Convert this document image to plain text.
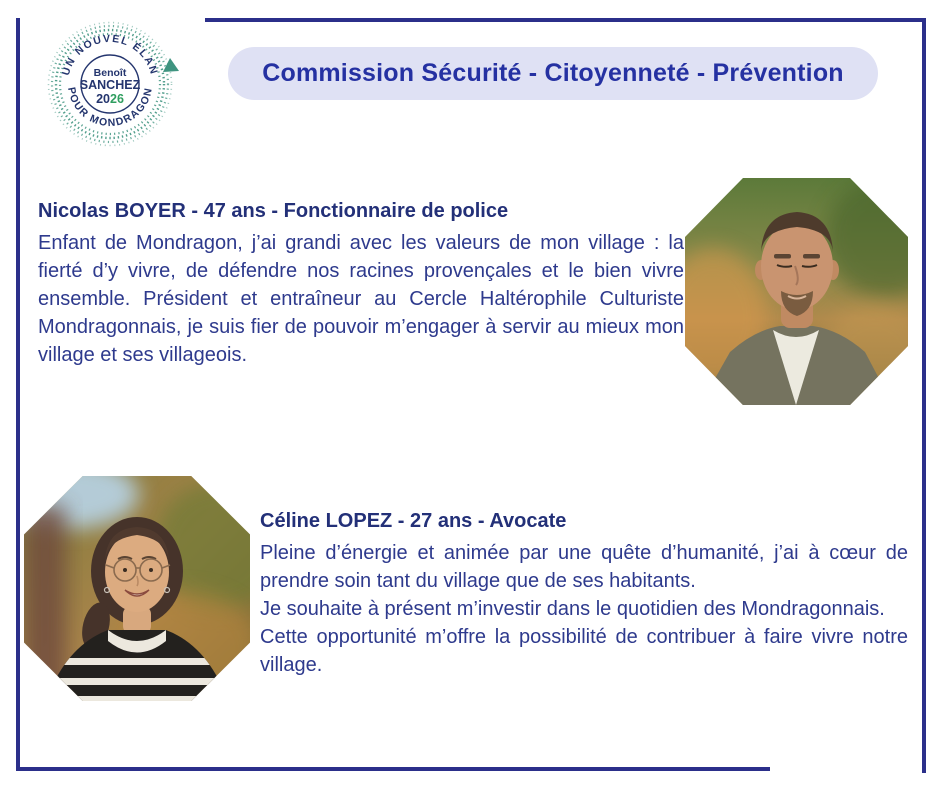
UN NOUVEL ÉLAN
POUR MONDRAGON
Benoît
SANCHEZ
2026
Commission Sécurité - Citoyenneté - Prévention
Nicolas BOYER - 47 ans - Fonctionnaire de police

Enfant de Mondragon, j’ai grandi avec les valeurs de mon village : la fierté d’y vivre, de défendre nos racines provençales et le bien vivre ensemble. Président et entraîneur au Cercle Haltérophile Culturiste Mondragonnais, je suis fier de pouvoir m’engager à servir au mieux mon village et ses villageois.

Céline LOPEZ - 27 ans - Avocate

Pleine d’énergie et animée par une quête d’humanité, j’ai à cœur de prendre soin tant du village que de ses habitants.

Je souhaite à présent m’investir dans le quotidien des Mondragonnais.

Cette opportunité m’offre la possibilité de contribuer à faire vivre notre village.
